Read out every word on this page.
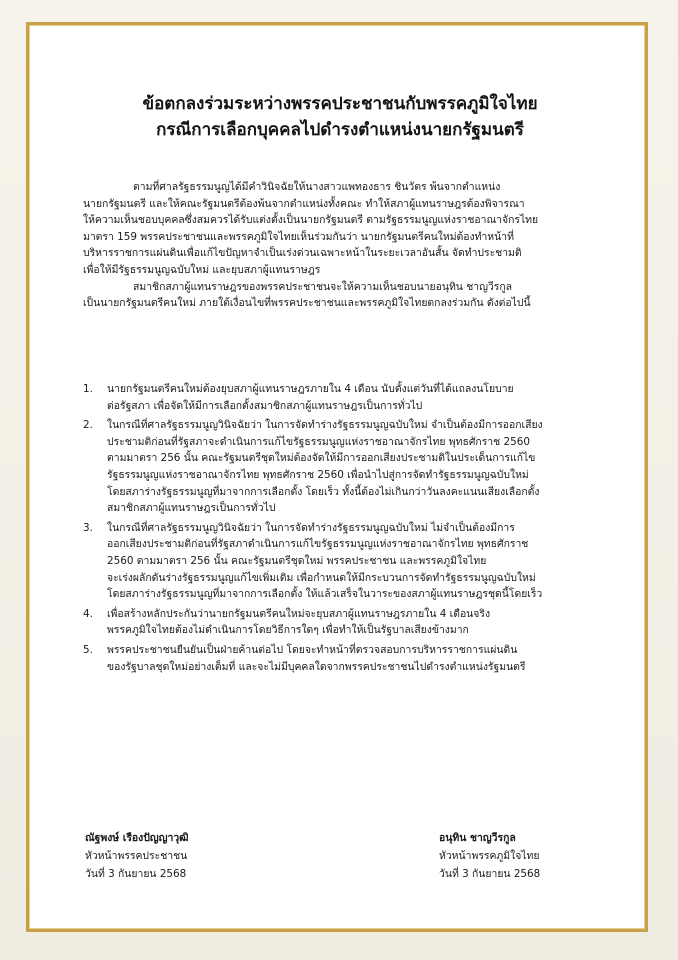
ข้อตกลงร่วมระหว่างพรรคประชาชนกับพรรคภูมิใจไทย
กรณีการเลือกบุคคลไปดำรงตำแหน่งนายกรัฐมนตรี
ตามที่ศาลรัฐธรรมนูญได้มีคำวินิจฉัยให้นางสาวแพทองธาร ชินวัตร พ้นจากตำแหน่ง
นายกรัฐมนตรี และให้คณะรัฐมนตรีต้องพ้นจากตำแหน่งทั้งคณะ ทำให้สภาผู้แทนราษฎรต้องพิจารณา
ให้ความเห็นชอบบุคคลซึ่งสมควรได้รับแต่งตั้งเป็นนายกรัฐมนตรี ตามรัฐธรรมนูญแห่งราชอาณาจักรไทย
มาตรา 159 พรรคประชาชนและพรรคภูมิใจไทยเห็นร่วมกันว่า นายกรัฐมนตรีคนใหม่ต้องทำหน้าที่
บริหารราชการแผ่นดินเพื่อแก้ไขปัญหาจำเป็นเร่งด่วนเฉพาะหน้าในระยะเวลาอันสั้น จัดทำประชามติ
เพื่อให้มีรัฐธรรมนูญฉบับใหม่ และยุบสภาผู้แทนราษฎร
สมาชิกสภาผู้แทนราษฎรของพรรคประชาชนจะให้ความเห็นชอบนายอนุทิน ชาญวีรกูล
เป็นนายกรัฐมนตรีคนใหม่ ภายใต้เงื่อนไขที่พรรคประชาชนและพรรคภูมิใจไทยตกลงร่วมกัน ดังต่อไปนี้
1. นายกรัฐมนตรีคนใหม่ต้องยุบสภาผู้แทนราษฎรภายใน 4 เดือน นับตั้งแต่วันที่ได้แถลงนโยบาย
ต่อรัฐสภา เพื่อจัดให้มีการเลือกตั้งสมาชิกสภาผู้แทนราษฎรเป็นการทั่วไป
2. ในกรณีที่ศาลรัฐธรรมนูญวินิจฉัยว่า ในการจัดทำร่างรัฐธรรมนูญฉบับใหม่ จำเป็นต้องมีการออกเสียง
ประชามติก่อนที่รัฐสภาจะดำเนินการแก้ไขรัฐธรรมนูญแห่งราชอาณาจักรไทย พุทธศักราช 2560
ตามมาตรา 256 นั้น คณะรัฐมนตรีชุดใหม่ต้องจัดให้มีการออกเสียงประชามติในประเด็นการแก้ไข
รัฐธรรมนูญแห่งราชอาณาจักรไทย พุทธศักราช 2560 เพื่อนำไปสู่การจัดทำรัฐธรรมนูญฉบับใหม่
โดยสภาร่างรัฐธรรมนูญที่มาจากการเลือกตั้ง โดยเร็ว ทั้งนี้ต้องไม่เกินกว่าวันลงคะแนนเสียงเลือกตั้ง
สมาชิกสภาผู้แทนราษฎรเป็นการทั่วไป
3. ในกรณีที่ศาลรัฐธรรมนูญวินิจฉัยว่า ในการจัดทำร่างรัฐธรรมนูญฉบับใหม่ ไม่จำเป็นต้องมีการ
ออกเสียงประชามติก่อนที่รัฐสภาดำเนินการแก้ไขรัฐธรรมนูญแห่งราชอาณาจักรไทย พุทธศักราช
2560 ตามมาตรา 256 นั้น คณะรัฐมนตรีชุดใหม่ พรรคประชาชน และพรรคภูมิใจไทย
จะเร่งผลักดันร่างรัฐธรรมนูญแก้ไขเพิ่มเติม เพื่อกำหนดให้มีกระบวนการจัดทำรัฐธรรมนูญฉบับใหม่
โดยสภาร่างรัฐธรรมนูญที่มาจากการเลือกตั้ง ให้แล้วเสร็จในวาระของสภาผู้แทนราษฎรชุดนี้โดยเร็ว
4. เพื่อสร้างหลักประกันว่านายกรัฐมนตรีคนใหม่จะยุบสภาผู้แทนราษฎรภายใน 4 เดือนจริง
พรรคภูมิใจไทยต้องไม่ดำเนินการโดยวิธีการใดๆ เพื่อทำให้เป็นรัฐบาลเสียงข้างมาก
5. พรรคประชาชนยืนยันเป็นฝ่ายค้านต่อไป โดยจะทำหน้าที่ตรวจสอบการบริหารราชการแผ่นดิน
ของรัฐบาลชุดใหม่อย่างเต็มที่ และจะไม่มีบุคคลใดจากพรรคประชาชนไปดำรงตำแหน่งรัฐมนตรี
ณัฐพงษ์ เรืองปัญญาวุฒิ
หัวหน้าพรรคประชาชน
วันที่ 3 กันยายน 2568
อนุทิน ชาญวีรกูล
หัวหน้าพรรคภูมิใจไทย
วันที่ 3 กันยายน 2568
